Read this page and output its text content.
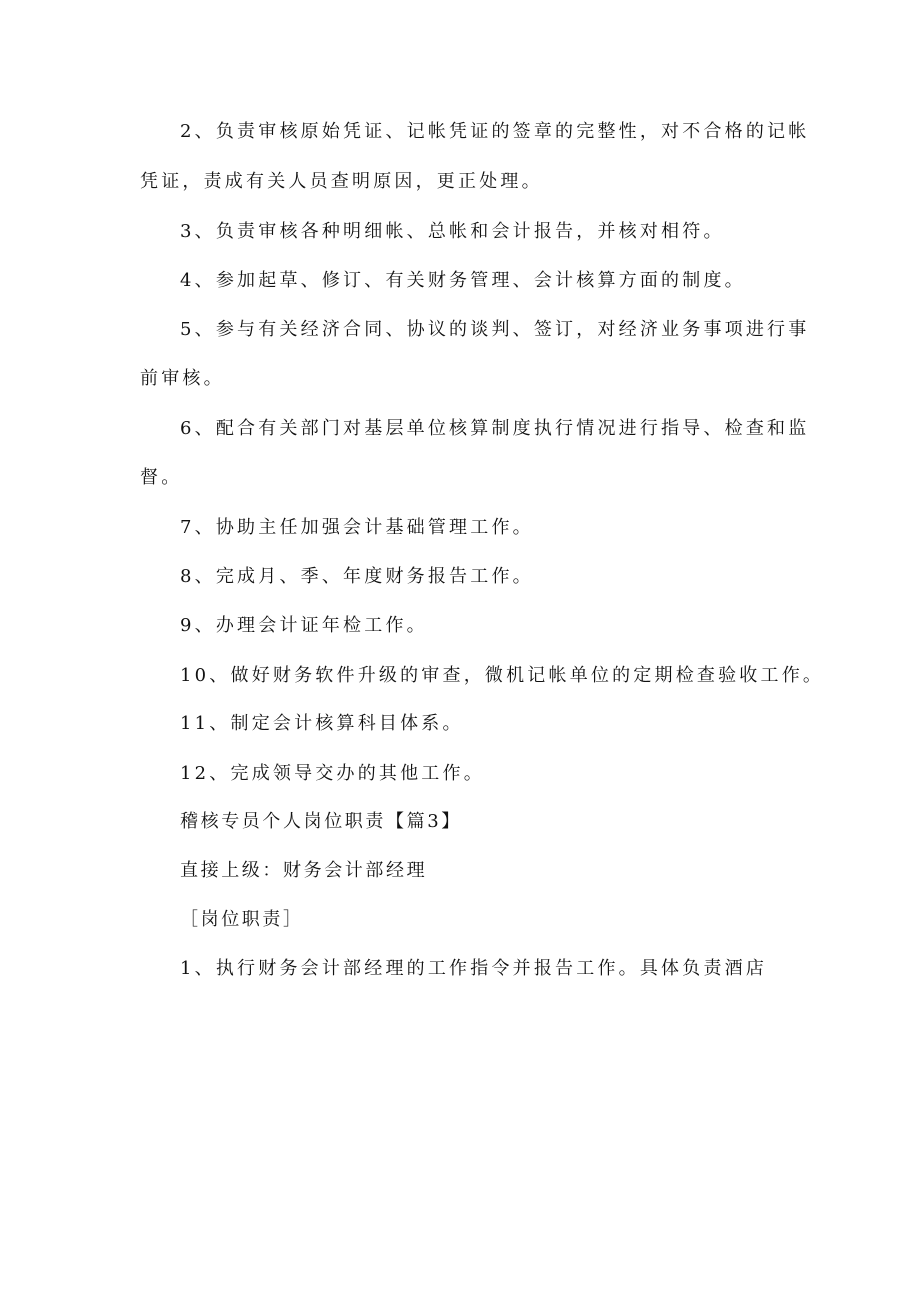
2、负责审核原始凭证、记帐凭证的签章的完整性，对不合格的记帐
凭证，责成有关人员查明原因，更正处理。
3、负责审核各种明细帐、总帐和会计报告，并核对相符。
4、参加起草、修订、有关财务管理、会计核算方面的制度。
5、参与有关经济合同、协议的谈判、签订，对经济业务事项进行事
前审核。
6、配合有关部门对基层单位核算制度执行情况进行指导、检查和监
督。
7、协助主任加强会计基础管理工作。
8、完成月、季、年度财务报告工作。
9、办理会计证年检工作。
10、做好财务软件升级的审查，微机记帐单位的定期检查验收工作。
11、制定会计核算科目体系。
12、完成领导交办的其他工作。
稽核专员个人岗位职责【篇3】
直接上级：财务会计部经理
［岗位职责］
1、执行财务会计部经理的工作指令并报告工作。具体负责酒店
